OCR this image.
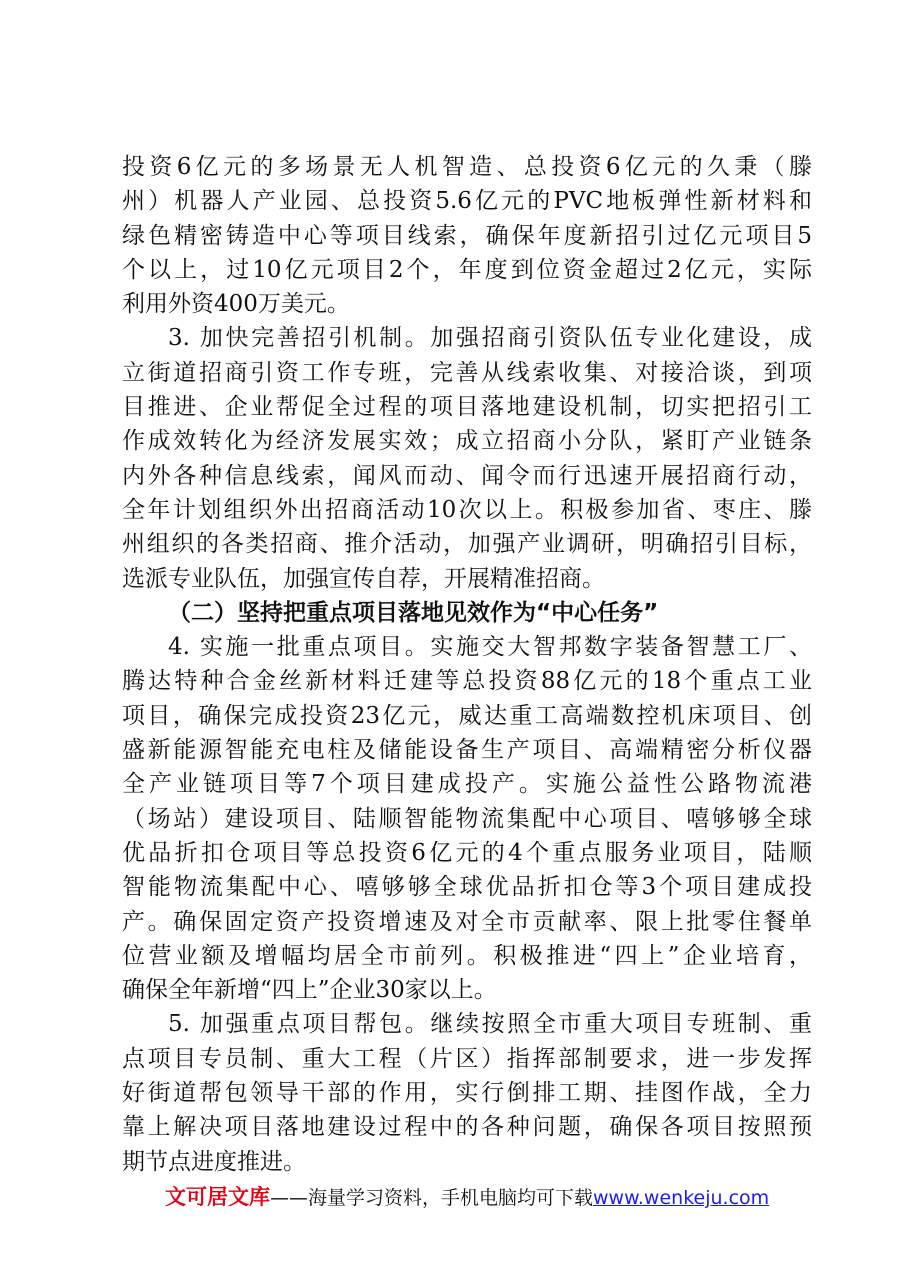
投资6亿元的多场景无人机智造、总投资6亿元的久秉（滕
州）机器人产业园、总投资5.6亿元的PVC地板弹性新材料和
绿色精密铸造中心等项目线索，确保年度新招引过亿元项目5
个以上，过10亿元项目2个，年度到位资金超过2亿元，实际
利用外资400万美元。
3. 加快完善招引机制。加强招商引资队伍专业化建设，成
立街道招商引资工作专班，完善从线索收集、对接洽谈，到项
目推进、企业帮促全过程的项目落地建设机制，切实把招引工
作成效转化为经济发展实效；成立招商小分队，紧盯产业链条
内外各种信息线索，闻风而动、闻令而行迅速开展招商行动，
全年计划组织外出招商活动10次以上。积极参加省、枣庄、滕
州组织的各类招商、推介活动，加强产业调研，明确招引目标，
选派专业队伍，加强宣传自荐，开展精准招商。
（二）坚持把重点项目落地见效作为“中心任务”
4. 实施一批重点项目。实施交大智邦数字装备智慧工厂、
腾达特种合金丝新材料迁建等总投资88亿元的18个重点工业
项目，确保完成投资23亿元，威达重工高端数控机床项目、创
盛新能源智能充电柱及储能设备生产项目、高端精密分析仪器
全产业链项目等7个项目建成投产。实施公益性公路物流港
（场站）建设项目、陆顺智能物流集配中心项目、嘻够够全球
优品折扣仓项目等总投资6亿元的4个重点服务业项目，陆顺
智能物流集配中心、嘻够够全球优品折扣仓等3个项目建成投
产。确保固定资产投资增速及对全市贡献率、限上批零住餐单
位营业额及增幅均居全市前列。积极推进“四上”企业培育，
确保全年新增“四上”企业30家以上。
5. 加强重点项目帮包。继续按照全市重大项目专班制、重
点项目专员制、重大工程（片区）指挥部制要求，进一步发挥
好街道帮包领导干部的作用，实行倒排工期、挂图作战，全力
靠上解决项目落地建设过程中的各种问题，确保各项目按照预
期节点进度推进。
文可居文库——海量学习资料，手机电脑均可下载www.wenkeju.com
